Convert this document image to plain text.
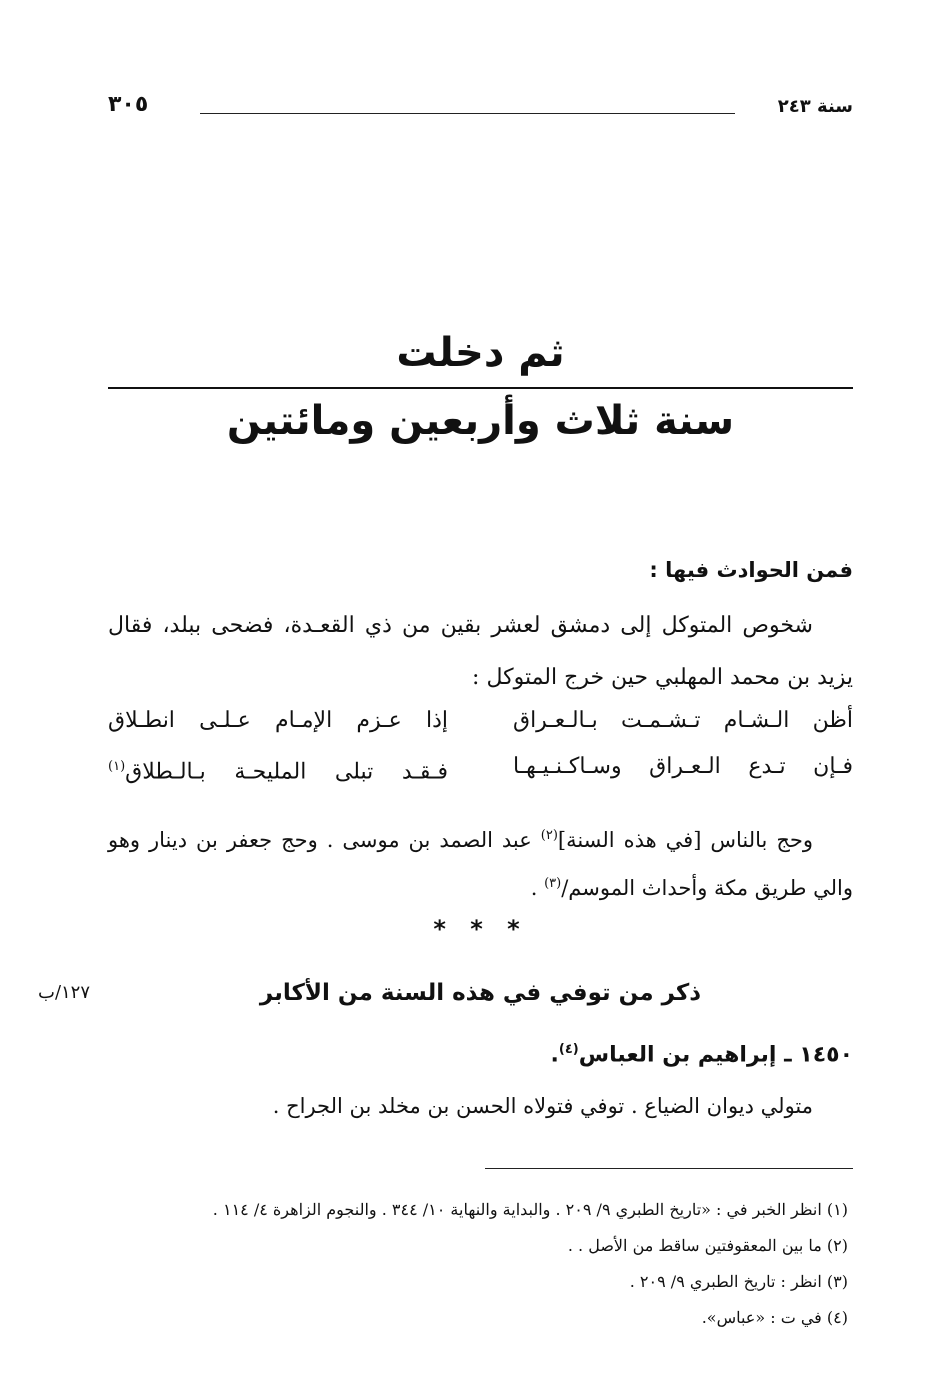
سنة ٢٤٣
٣٠٥
ثم دخلت
سنة ثلاث وأربعين ومائتين
فمن الحوادث فيها :
شخوص المتوكل إلى دمشق لعشر بقين من ذي القعـدة، فضحى ببلد، فقال يزيد بن محمد المهلبي حين خرج المتوكل :
أظن الـشـام تـشـمـت بـالـعـراق
إذا عـزم الإمـام عـلـى انطـلاق
فـإن تـدع الـعـراق وسـاكـنـيـهـا
فـقـد تبلى المليحـة بـالـطلاق$^{(١)}$
وحج بالناس [في هذه السنة]$^{(٢)}$ عبد الصمد بن موسى . وحج جعفر بن دينار وهو والي طريق مكة وأحداث الموسم/$^{(٣)}$ .
* * *
ذكر من توفي في هذه السنة من الأكابر
١٢٧/ب
١٤٥٠ ـ إبراهيم بن العباس$^{(٤)}$.
متولي ديوان الضياع . توفي فتولاه الحسن بن مخلد بن الجراح .
(١) انظر الخبر في : «تاريخ الطبري ٩/ ٢٠٩ . والبداية والنهاية ١٠/ ٣٤٤ . والنجوم الزاهرة ٤/ ١١٤ .
(٢) ما بين المعقوفتين ساقط من الأصل . .
(٣) انظر : تاريخ الطبري ٩/ ٢٠٩ .
(٤) في ت : «عباس».
